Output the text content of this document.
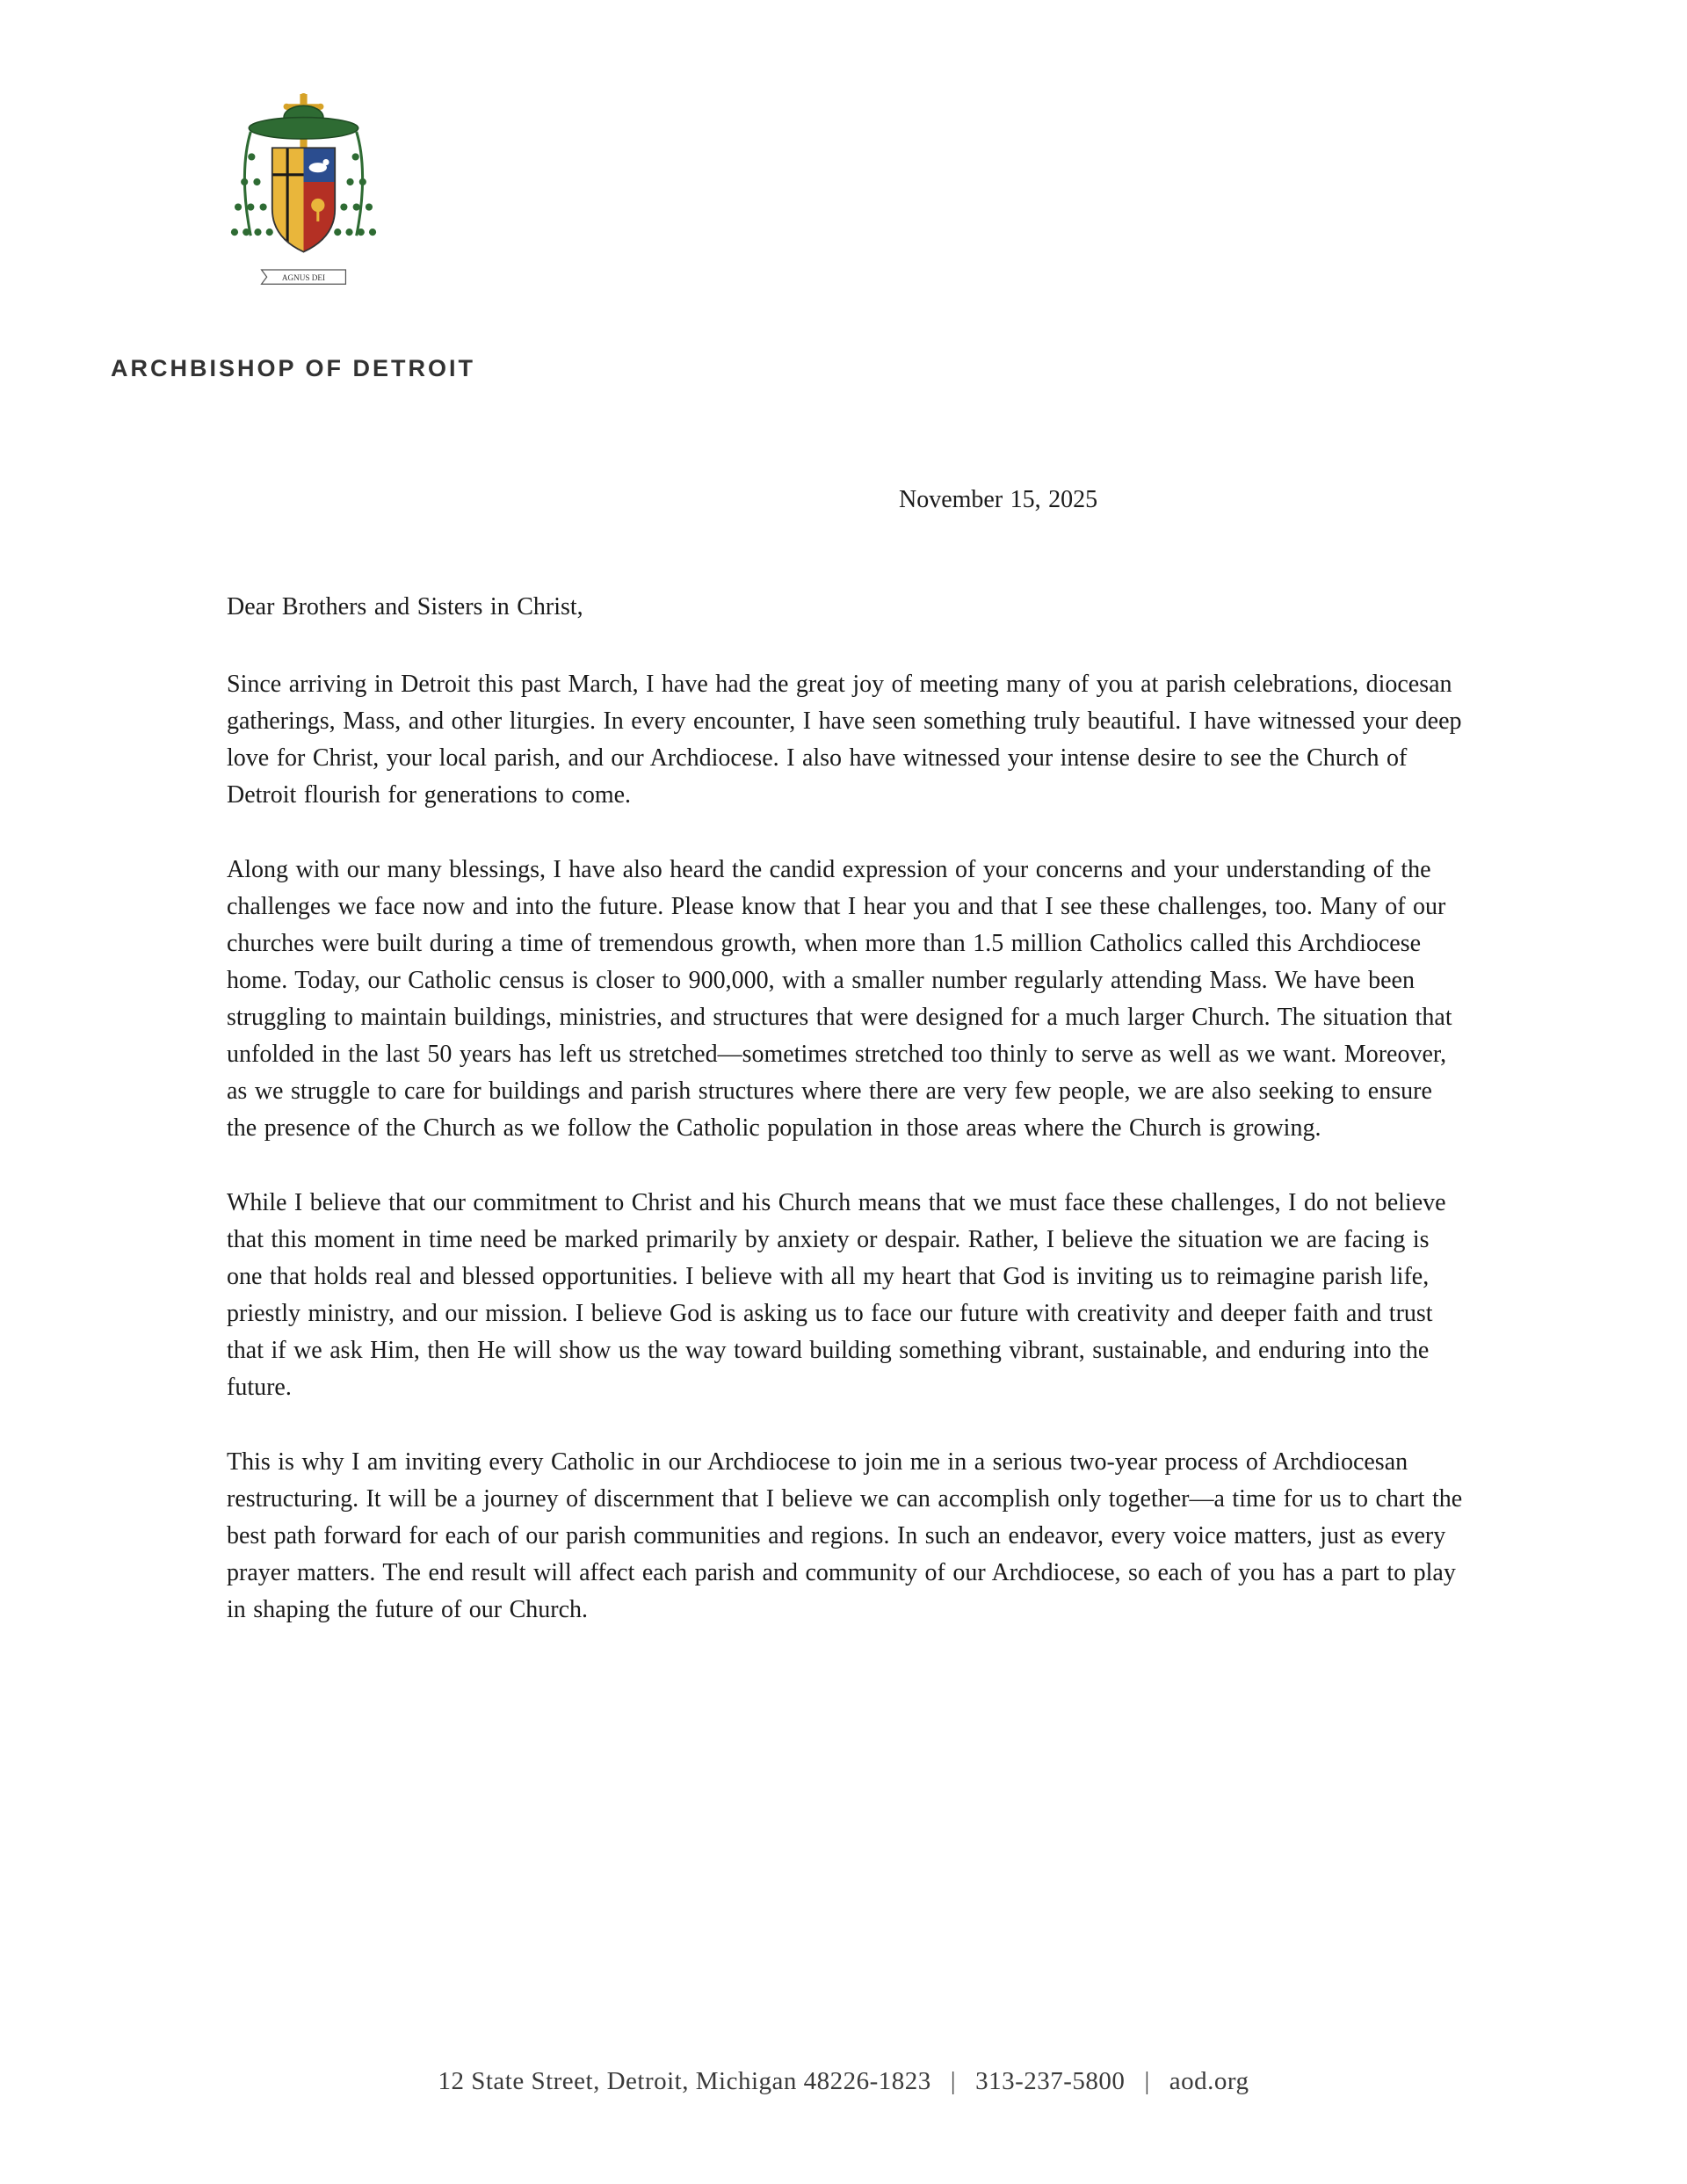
AGNUS DEI
ARCHBISHOP OF DETROIT
November 15, 2025
Dear Brothers and Sisters in Christ,

Since arriving in Detroit this past March, I have had the great joy of meeting many of you at parish celebrations, diocesan gatherings, Mass, and other liturgies. In every encounter, I have seen something truly beautiful. I have witnessed your deep love for Christ, your local parish, and our Archdiocese. I also have witnessed your intense desire to see the Church of Detroit flourish for generations to come.

Along with our many blessings, I have also heard the candid expression of your concerns and your understanding of the challenges we face now and into the future. Please know that I hear you and that I see these challenges, too. Many of our churches were built during a time of tremendous growth, when more than 1.5 million Catholics called this Archdiocese home. Today, our Catholic census is closer to 900,000, with a smaller number regularly attending Mass. We have been struggling to maintain buildings, ministries, and structures that were designed for a much larger Church. The situation that unfolded in the last 50 years has left us stretched—sometimes stretched too thinly to serve as well as we want. Moreover, as we struggle to care for buildings and parish structures where there are very few people, we are also seeking to ensure the presence of the Church as we follow the Catholic population in those areas where the Church is growing.

While I believe that our commitment to Christ and his Church means that we must face these challenges, I do not believe that this moment in time need be marked primarily by anxiety or despair. Rather, I believe the situation we are facing is one that holds real and blessed opportunities. I believe with all my heart that God is inviting us to reimagine parish life, priestly ministry, and our mission. I believe God is asking us to face our future with creativity and deeper faith and trust that if we ask Him, then He will show us the way toward building something vibrant, sustainable, and enduring into the future.

This is why I am inviting every Catholic in our Archdiocese to join me in a serious two-year process of Archdiocesan restructuring. It will be a journey of discernment that I believe we can accomplish only together—a time for us to chart the best path forward for each of our parish communities and regions. In such an endeavor, every voice matters, just as every prayer matters. The end result will affect each parish and community of our Archdiocese, so each of you has a part to play in shaping the future of our Church.

12 State Street, Detroit, Michigan 48226-1823 | 313-237-5800 | aod.org
